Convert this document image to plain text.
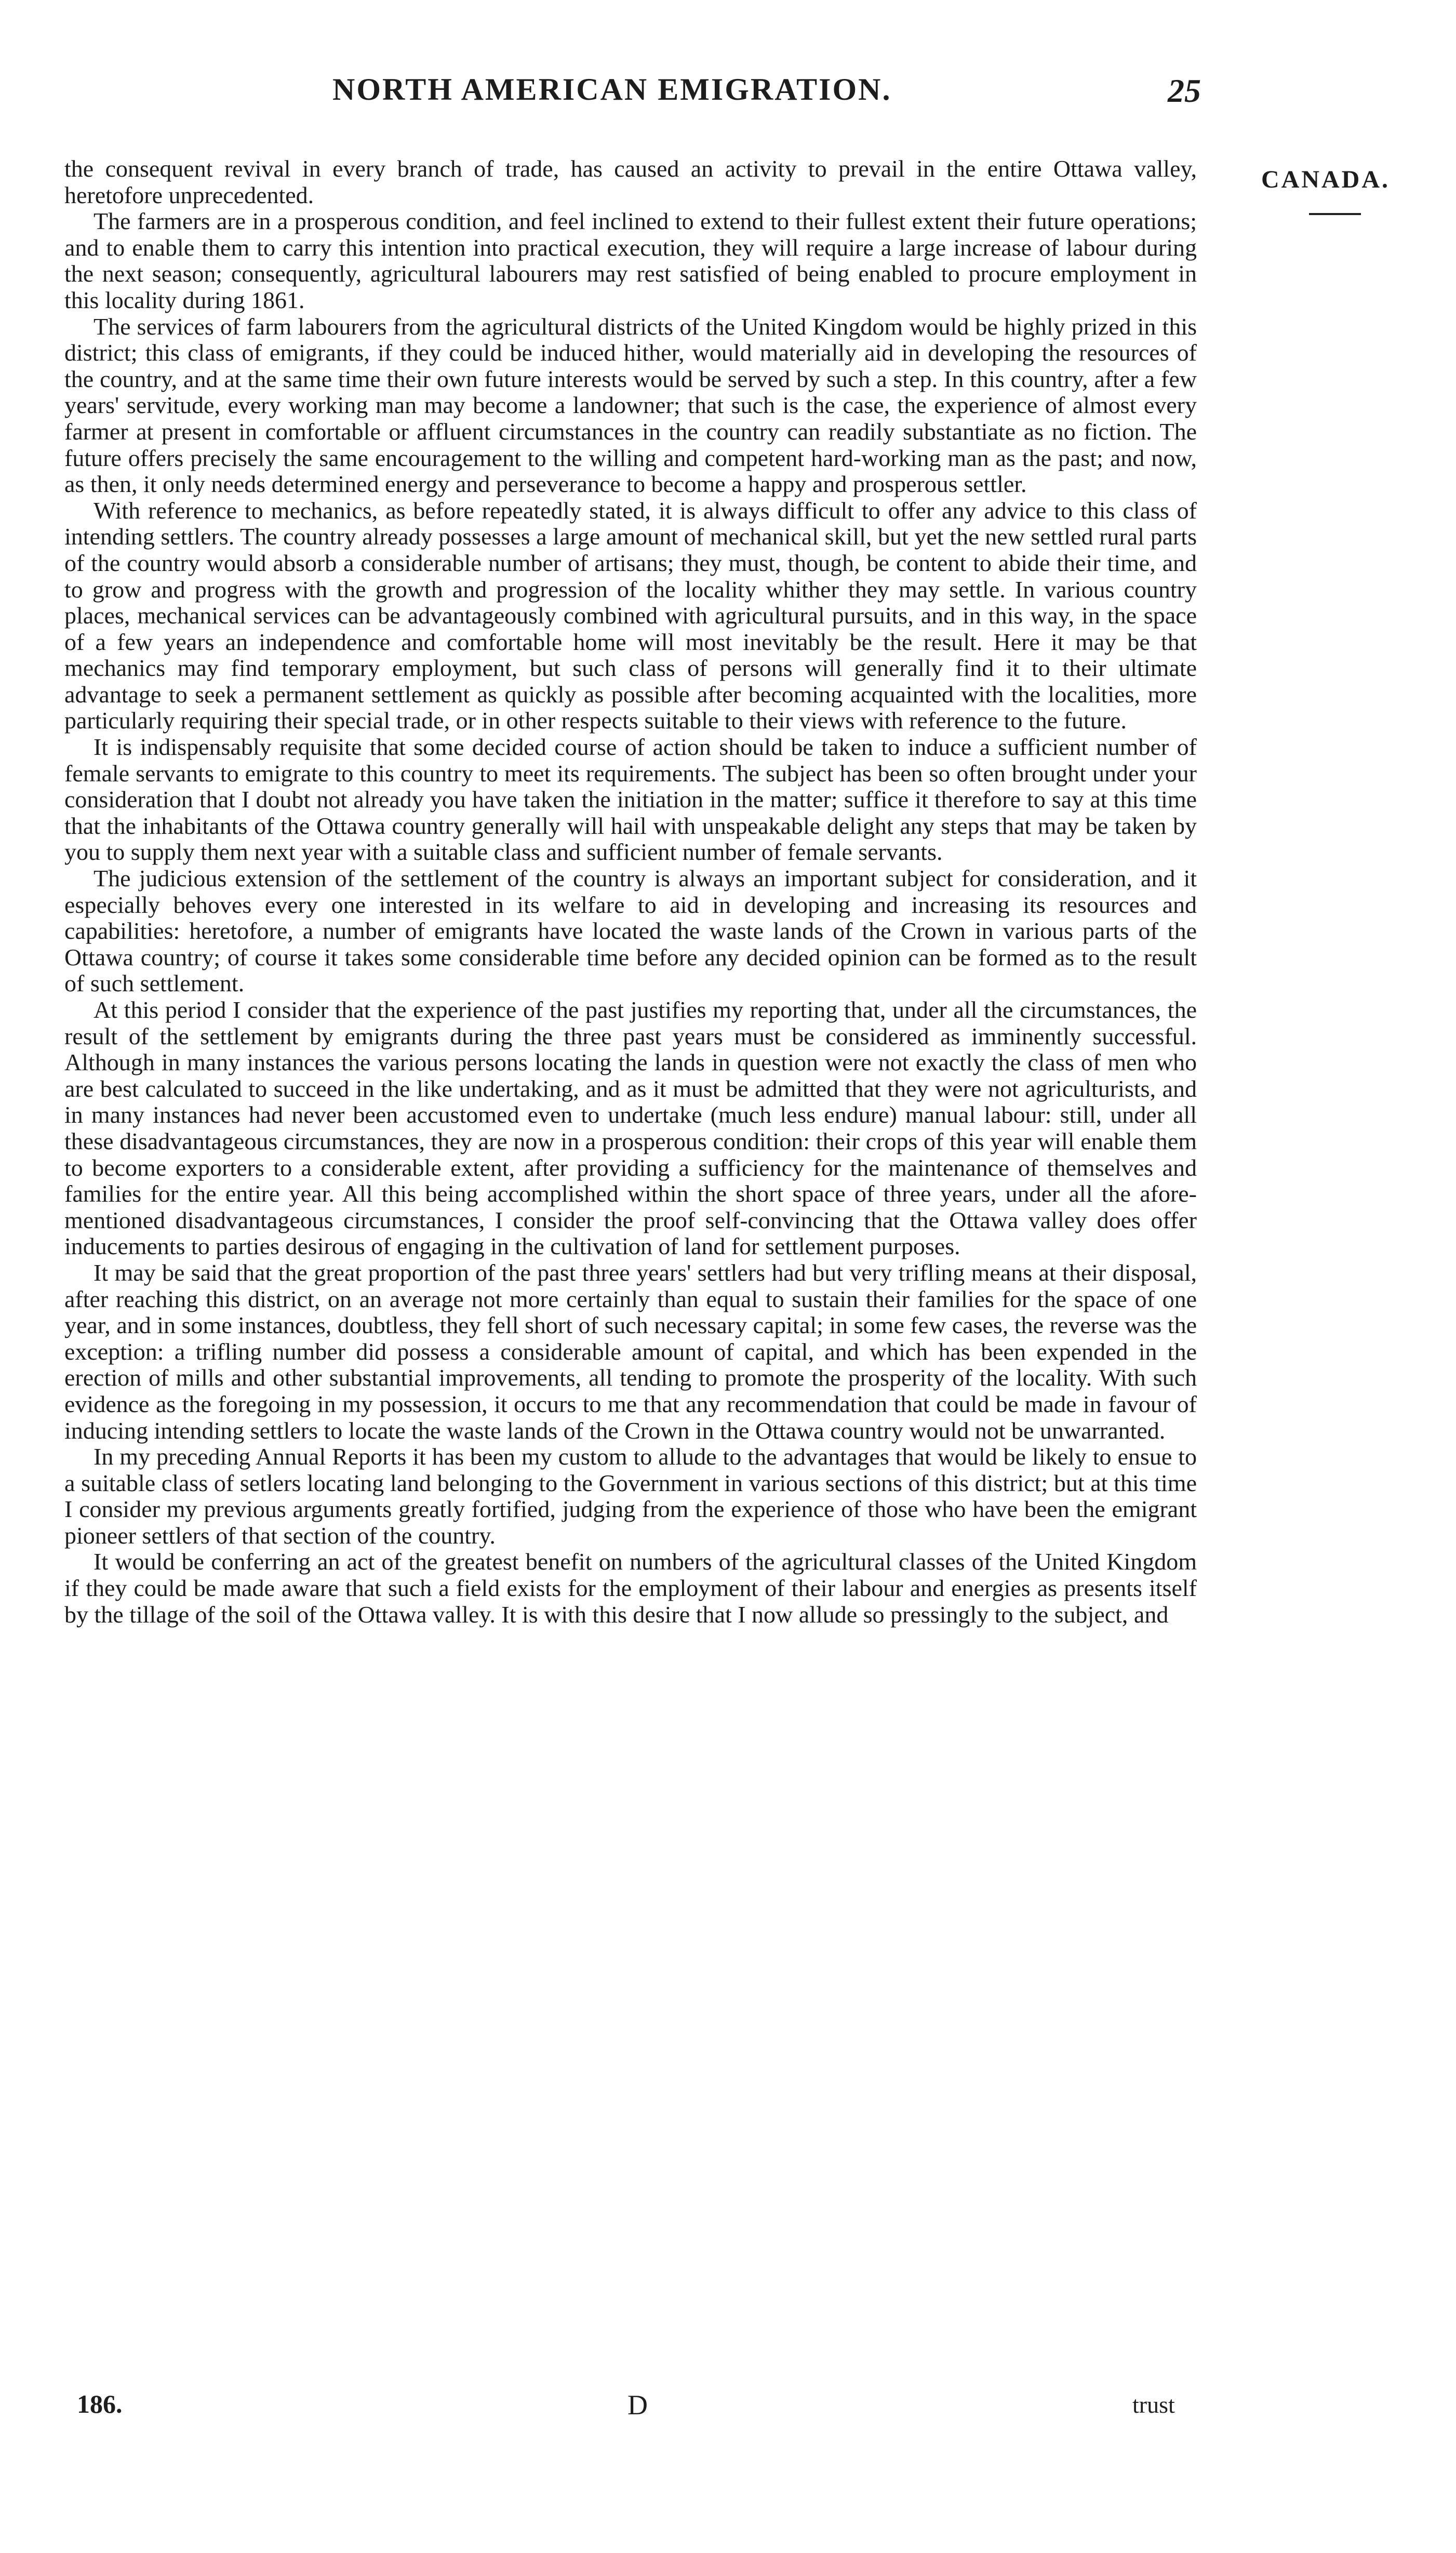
NORTH AMERICAN EMIGRATION.	25
CANADA.

the consequent revival in every branch of trade, has caused an activity to prevail in the entire Ottawa valley, heretofore unprecedented.

The farmers are in a prosperous condition, and feel inclined to extend to their fullest extent their future operations; and to enable them to carry this intention into practical execution, they will require a large increase of labour during the next season; consequently, agricultural labourers may rest satisfied of being enabled to procure employment in this locality during 1861.

The services of farm labourers from the agricultural districts of the United Kingdom would be highly prized in this district; this class of emigrants, if they could be induced hither, would materially aid in developing the resources of the country, and at the same time their own future interests would be served by such a step. In this country, after a few years' servitude, every working man may become a landowner; that such is the case, the experience of almost every farmer at present in comfortable or affluent circumstances in the country can readily substantiate as no fiction. The future offers precisely the same encouragement to the willing and competent hard-working man as the past; and now, as then, it only needs determined energy and perseverance to become a happy and prosperous settler.

With reference to mechanics, as before repeatedly stated, it is always difficult to offer any advice to this class of intending settlers. The country already possesses a large amount of mechanical skill, but yet the new settled rural parts of the country would absorb a considerable number of artisans; they must, though, be content to abide their time, and to grow and progress with the growth and progression of the locality whither they may settle. In various country places, mechanical services can be advantageously combined with agricultural pursuits, and in this way, in the space of a few years an independence and comfortable home will most inevitably be the result. Here it may be that mechanics may find temporary employment, but such class of persons will generally find it to their ultimate advantage to seek a permanent settlement as quickly as possible after becoming acquainted with the localities, more particularly requiring their special trade, or in other respects suitable to their views with reference to the future.

It is indispensably requisite that some decided course of action should be taken to induce a sufficient number of female servants to emigrate to this country to meet its requirements. The subject has been so often brought under your consideration that I doubt not already you have taken the initiation in the matter; suffice it therefore to say at this time that the inhabitants of the Ottawa country generally will hail with unspeakable delight any steps that may be taken by you to supply them next year with a suitable class and sufficient number of female servants.

The judicious extension of the settlement of the country is always an important subject for consideration, and it especially behoves every one interested in its welfare to aid in developing and increasing its resources and capabilities: heretofore, a number of emigrants have located the waste lands of the Crown in various parts of the Ottawa country; of course it takes some considerable time before any decided opinion can be formed as to the result of such settlement.

At this period I consider that the experience of the past justifies my reporting that, under all the circumstances, the result of the settlement by emigrants during the three past years must be considered as imminently successful. Although in many instances the various persons locating the lands in question were not exactly the class of men who are best calculated to succeed in the like undertaking, and as it must be admitted that they were not agriculturists, and in many instances had never been accustomed even to undertake (much less endure) manual labour: still, under all these disadvantageous circumstances, they are now in a prosperous condition: their crops of this year will enable them to become exporters to a considerable extent, after providing a sufficiency for the maintenance of themselves and families for the entire year. All this being accomplished within the short space of three years, under all the afore-mentioned disadvantageous circumstances, I consider the proof self-convincing that the Ottawa valley does offer inducements to parties desirous of engaging in the cultivation of land for settlement purposes.

It may be said that the great proportion of the past three years' settlers had but very trifling means at their disposal, after reaching this district, on an average not more certainly than equal to sustain their families for the space of one year, and in some instances, doubtless, they fell short of such necessary capital; in some few cases, the reverse was the exception: a trifling number did possess a considerable amount of capital, and which has been expended in the erection of mills and other substantial improvements, all tending to promote the prosperity of the locality. With such evidence as the foregoing in my possession, it occurs to me that any recommendation that could be made in favour of inducing intending settlers to locate the waste lands of the Crown in the Ottawa country would not be unwarranted.

In my preceding Annual Reports it has been my custom to allude to the advantages that would be likely to ensue to a suitable class of setlers locating land belonging to the Government in various sections of this district; but at this time I consider my previous arguments greatly fortified, judging from the experience of those who have been the emigrant pioneer settlers of that section of the country.

It would be conferring an act of the greatest benefit on numbers of the agricultural classes of the United Kingdom if they could be made aware that such a field exists for the employment of their labour and energies as presents itself by the tillage of the soil of the Ottawa valley. It is with this desire that I now allude so pressingly to the subject, and

186.	D	trust
